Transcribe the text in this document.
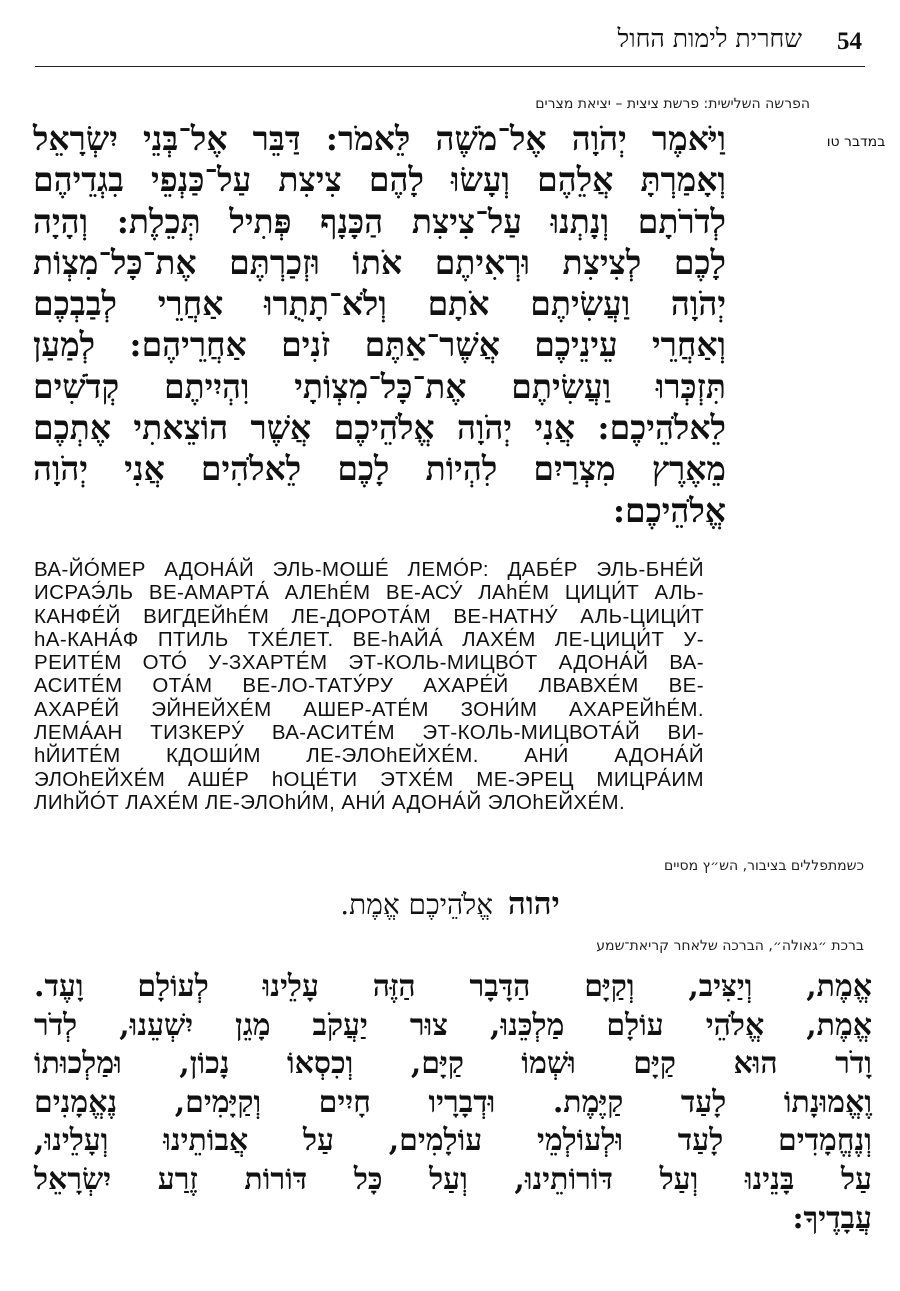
54
שחרית לימות החול
הפרשה השלישית: פרשת ציצית – יציאת מצרים
במדבר טו
וַיֹּאמֶר יְהֹוָה אֶל־מֹשֶׁה לֵּאמֹר: דַּבֵּר אֶל־בְּנֵי יִשְׂרָאֵל
וְאָמַרְתָּ אֲלֵהֶם וְעָשׂוּ לָהֶם צִיצִת עַל־כַּנְפֵי בִגְדֵיהֶם
לְדֹרֹתָם וְנָתְנוּ עַל־צִיצִת הַכָּנָף פְּתִיל תְּכֵלֶת: וְהָיָה
לָכֶם לְצִיצִת וּרְאִיתֶם אֹתוֹ וּזְכַרְתֶּם אֶת־כָּל־מִצְוֹת
יְהֹוָה וַעֲשִׂיתֶם אֹתָם וְלֹא־תָתֻרוּ אַחֲרֵי לְבַבְכֶם
וְאַחֲרֵי עֵינֵיכֶם אֲשֶׁר־אַתֶּם זֹנִים אַחֲרֵיהֶם: לְמַעַן
תִּזְכְּרוּ וַעֲשִׂיתֶם אֶת־כָּל־מִצְוֹתָי וִהְיִיתֶם קְדֹשִׁים
לֵאלֹהֵיכֶם: אֲנִי יְהֹוָה אֱלֹהֵיכֶם אֲשֶׁר הוֹצֵאתִי אֶתְכֶם
מֵאֶרֶץ מִצְרַיִם לִהְיוֹת לָכֶם לֵאלֹהִים אֲנִי יְהֹוָה
אֱלֹהֵיכֶם:
ВА-ЙО́МЕР АДОНА́Й ЭЛЬ-МОШЕ́ ЛЕМО́Р: ДАБЕ́Р ЭЛЬ-БНЕ́Й
ИСРАЭ́ЛЬ ВЕ-АМАРТА́ АЛЕhЕ́М ВЕ-АСУ́ ЛАhЕ́М ЦИЦИ́Т АЛЬ-
КАНФЕ́Й ВИГДЕЙhЕ́М ЛЕ-ДОРОТА́М ВЕ-НАТНУ́ АЛЬ-ЦИЦИ́Т
hА-КАНА́Ф ПТИЛЬ ТХЕ́ЛЕТ. ВЕ-hАЙА́ ЛАХЕ́М ЛЕ-ЦИЦИ́Т У-
РЕИТЕ́М ОТО́ У-ЗХАРТЕ́М ЭТ-КОЛЬ-МИЦВО́Т АДОНА́Й ВА-
АСИТЕ́М ОТА́М ВЕ-ЛО-ТАТУ́РУ АХАРЕ́Й ЛВАВХЕ́М ВЕ-
АХАРЕ́Й ЭЙНЕЙХЕ́М АШЕР-АТЕ́М ЗОНИ́М АХАРЕЙhЕ́М.
ЛЕМА́АН ТИЗКЕРУ́ ВА-АСИТЕ́М ЭТ-КОЛЬ-МИЦВОТА́Й ВИ-
hЙИТЕ́М КДОШИ́М ЛЕ-ЭЛОhЕЙХЕ́М. АНИ́ АДОНА́Й
ЭЛОhЕЙХЕ́М АШЕ́Р hОЦЕ́ТИ ЭТХЕ́М МЕ-ЭРЕЦ МИЦРА́ИМ
ЛИhЙО́Т ЛАХЕ́М ЛЕ-ЭЛОhИ́М, АНИ́ АДОНА́Й ЭЛОhЕЙХЕ́М.
כשמתפללים בציבור, הש״ץ מסיים
יהוה אֱלֹהֵיכֶם אֱמֶת.
ברכת ״גאולה״, הברכה שלאחר קריאת־שמע
אֱמֶת, וְיַצִּיב, וְקַיָּם הַדָּבָר הַזֶּה עָלֵינוּ לְעוֹלָם וָעֶד.
אֱמֶת, אֱלֹהֵי עוֹלָם מַלְכֵּנוּ, צוּר יַעֲקֹב מָגֵן יִשְׁעֵנוּ, לְדֹר
וָדֹר הוּא קַיָּם וּשְׁמוֹ קַיָּם, וְכִסְאוֹ נָכוֹן, וּמַלְכוּתוֹ
וֶאֱמוּנָתוֹ לָעַד קַיֶּמֶת. וּדְבָרָיו חָיִים וְקַיָּמִים, נֶאֱמָנִים
וְנֶחֱמָדִים לָעַד וּלְעוֹלְמֵי עוֹלָמִים, עַל אֲבוֹתֵינוּ וְעָלֵינוּ,
עַל בָּנֵינוּ וְעַל דּוֹרוֹתֵינוּ, וְעַל כָּל דּוֹרוֹת זֶרַע יִשְׂרָאֵל
עֲבָדֶיךָ:
